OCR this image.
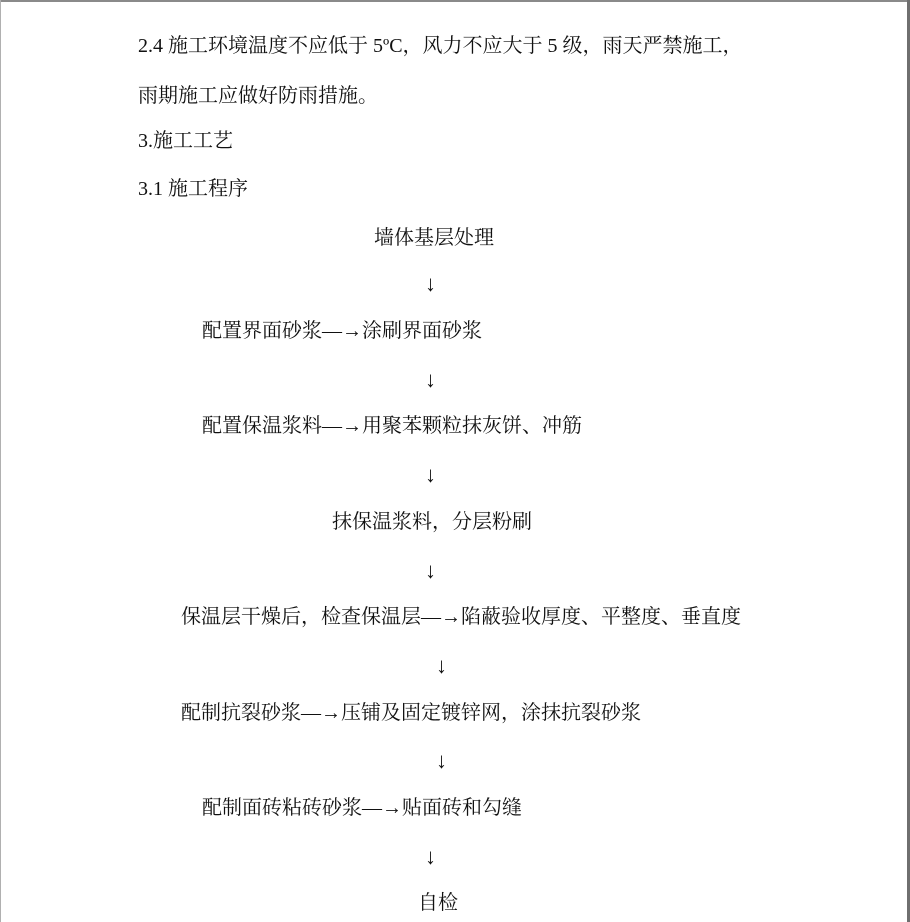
2.4 施工环境温度不应低于 5ºC，风力不应大于 5 级，雨天严禁施工，
雨期施工应做好防雨措施。
3.施工工艺
3.1 施工程序
墙体基层处理
↓
配置界面砂浆—→涂刷界面砂浆
↓
配置保温浆料—→用聚苯颗粒抹灰饼、冲筋
↓
抹保温浆料，分层粉刷
↓
保温层干燥后，检查保温层—→陷蔽验收厚度、平整度、垂直度
↓
配制抗裂砂浆—→压铺及固定镀锌网，涂抹抗裂砂浆
↓
配制面砖粘砖砂浆—→贴面砖和勾缝
↓
自检
